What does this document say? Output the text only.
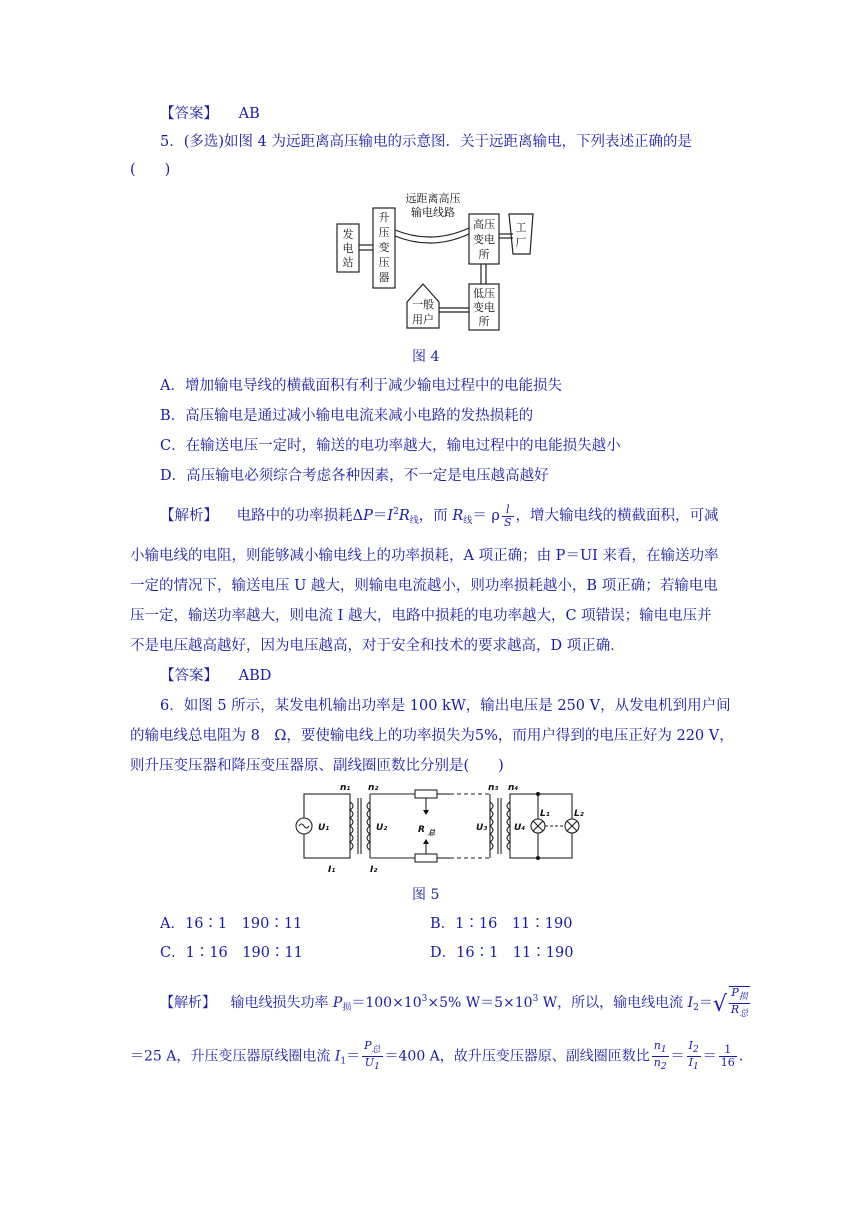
【答案】 AB
5．(多选)如图 4 为远距离高压输电的示意图．关于远距离输电，下列表述正确的是
(　　)
发
电
站
升
压
变
压
器
远距离高压
输电线路
高压
变电
所
工
厂
一般
用户
低压
变电
所
图 4
A．增加输电导线的横截面积有利于减少输电过程中的电能损失
B．高压输电是通过减小输电电流来减小电路的发热损耗的
C．在输送电压一定时，输送的电功率越大，输电过程中的电能损失越小
D．高压输电必须综合考虑各种因素，不一定是电压越高越好
【解析】 电路中的功率损耗$\Delta P=I^2R_线$，而 $R_线= \rho \frac{l}{S}$ ，增大输电线的横截面积，可减
小输电线的电阻，则能够减小输电线上的功率损耗，A 项正确；由 P＝UI 来看，在输送功率
一定的情况下，输送电压 U 越大，则输电电流越小，则功率损耗越小，B 项正确；若输电电
压一定，输送功率越大，则电流 I 越大，电路中损耗的电功率越大，C 项错误；输电电压并
不是电压越高越好，因为电压越高，对于安全和技术的要求越高，D 项正确．
【答案】 ABD
6．如图 5 所示，某发电机输出功率是 100 kW，输出电压是 250 V，从发电机到用户间
的输电线总电阻为 8　Ω，要使输电线上的功率损失为5%，而用户得到的电压正好为 220 V，
则升压变压器和降压变压器原、副线圈匝数比分别是(　　)
n₁ n₂	n₃ n₄
U₁	U₂	U₃	U₄
R 总
L₁	L₂
I₁	I₂
图 5
A．16∶1　190∶11	B．1∶16　11∶190
C．1∶16　190∶11	D．16∶1　11∶190
【解析】 输电线损失功率 $P_损=100\times 10^3\times 5\%$ $W=5\times 10^3$ W，所以，输电线电流 $I_2=√ \frac{P_损}{R_总}$
＝25 A，升压变压器原线圈电流 $I_1= \frac{P_总}{U_1} =400$ A，故升压变压器原、副线圈匝数比 $\frac{n_1}{n_2} = \frac{I_2}{I_1} = \frac{1}{16}$ .
